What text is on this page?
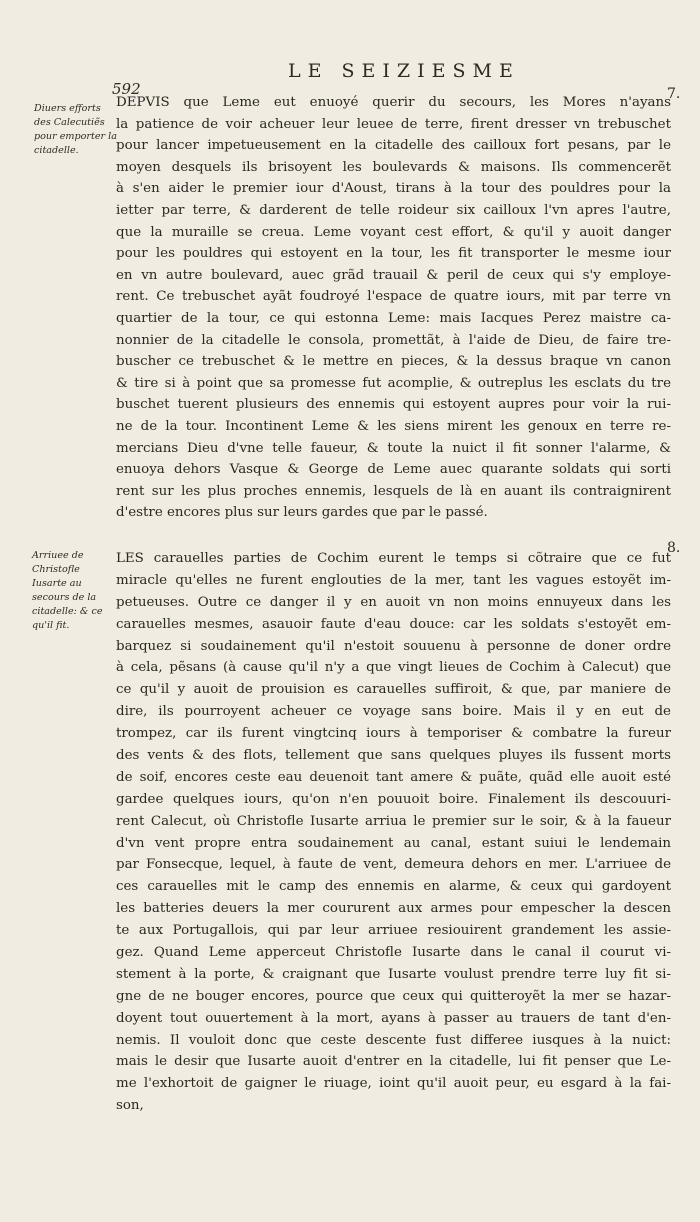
592
LE SEIZIESME
Diuers efforts des Calecutiẽs pour emporter la citadelle.
Arriuee de Christofle Iusarte au secours de la citadelle: & ce qu'il fit.
7.
8.
DEPVIS que Leme eut enuoyé querir du secours, les Mores n'ayans
la patience de voir acheuer leur leuee de terre, firent dresser vn trebuschet
pour lancer impetueusement en la citadelle des cailloux fort pesans, par le
moyen desquels ils brisoyent les boulevards & maisons. Ils commencerẽt
à s'en aider le premier iour d'Aoust, tirans à la tour des pouldres pour la
ietter par terre, & darderent de telle roideur six cailloux l'vn apres l'autre,
que la muraille se creua. Leme voyant cest effort, & qu'il y auoit danger
pour les pouldres qui estoyent en la tour, les fit transporter le mesme iour
en vn autre boulevard, auec grãd trauail & peril de ceux qui s'y employe-
rent. Ce trebuschet ayãt foudroyé l'espace de quatre iours, mit par terre vn
quartier de la tour, ce qui estonna Leme: mais Iacques Perez maistre ca-
nonnier de la citadelle le consola, promettãt, à l'aide de Dieu, de faire tre-
buscher ce trebuschet & le mettre en pieces, & la dessus braque vn canon
& tire si à point que sa promesse fut acomplie, & outreplus les esclats du tre
buschet tuerent plusieurs des ennemis qui estoyent aupres pour voir la rui-
ne de la tour. Incontinent Leme & les siens mirent les genoux en terre re-
mercians Dieu d'vne telle faueur, & toute la nuict il fit sonner l'alarme, &
enuoya dehors Vasque & George de Leme auec quarante soldats qui sorti
rent sur les plus proches ennemis, lesquels de là en auant ils contraignirent
d'estre encores plus sur leurs gardes que par le passé.
LES carauelles parties de Cochim eurent le temps si cõtraire que ce fut
miracle qu'elles ne furent englouties de la mer, tant les vagues estoyẽt im-
petueuses. Outre ce danger il y en auoit vn non moins ennuyeux dans les
carauelles mesmes, asauoir faute d'eau douce: car les soldats s'estoyẽt em-
barquez si soudainement qu'il n'estoit souuenu à personne de doner ordre
à cela, pẽsans (à cause qu'il n'y a que vingt lieues de Cochim à Calecut) que
ce qu'il y auoit de prouision es carauelles suffiroit, & que, par maniere de
dire, ils pourroyent acheuer ce voyage sans boire. Mais il y en eut de
trompez, car ils furent vingtcinq iours à temporiser & combatre la fureur
des vents & des flots, tellement que sans quelques pluyes ils fussent morts
de soif, encores ceste eau deuenoit tant amere & puãte, quãd elle auoit esté
gardee quelques iours, qu'on n'en pouuoit boire. Finalement ils descouuri-
rent Calecut, où Christofle Iusarte arriua le premier sur le soir, & à la faueur
d'vn vent propre entra soudainement au canal, estant suiui le lendemain
par Fonsecque, lequel, à faute de vent, demeura dehors en mer. L'arriuee de
ces carauelles mit le camp des ennemis en alarme, & ceux qui gardoyent
les batteries deuers la mer coururent aux armes pour empescher la descen
te aux Portugallois, qui par leur arriuee resiouirent grandement les assie-
gez. Quand Leme apperceut Christofle Iusarte dans le canal il courut vi-
stement à la porte, & craignant que Iusarte voulust prendre terre luy fit si-
gne de ne bouger encores, pource que ceux qui quitteroyẽt la mer se hazar-
doyent tout ouuertement à la mort, ayans à passer au trauers de tant d'en-
nemis. Il vouloit donc que ceste descente fust differee iusques à la nuict:
mais le desir que Iusarte auoit d'entrer en la citadelle, lui fit penser que Le-
me l'exhortoit de gaigner le riuage, ioint qu'il auoit peur, eu esgard à la fai-
son,
